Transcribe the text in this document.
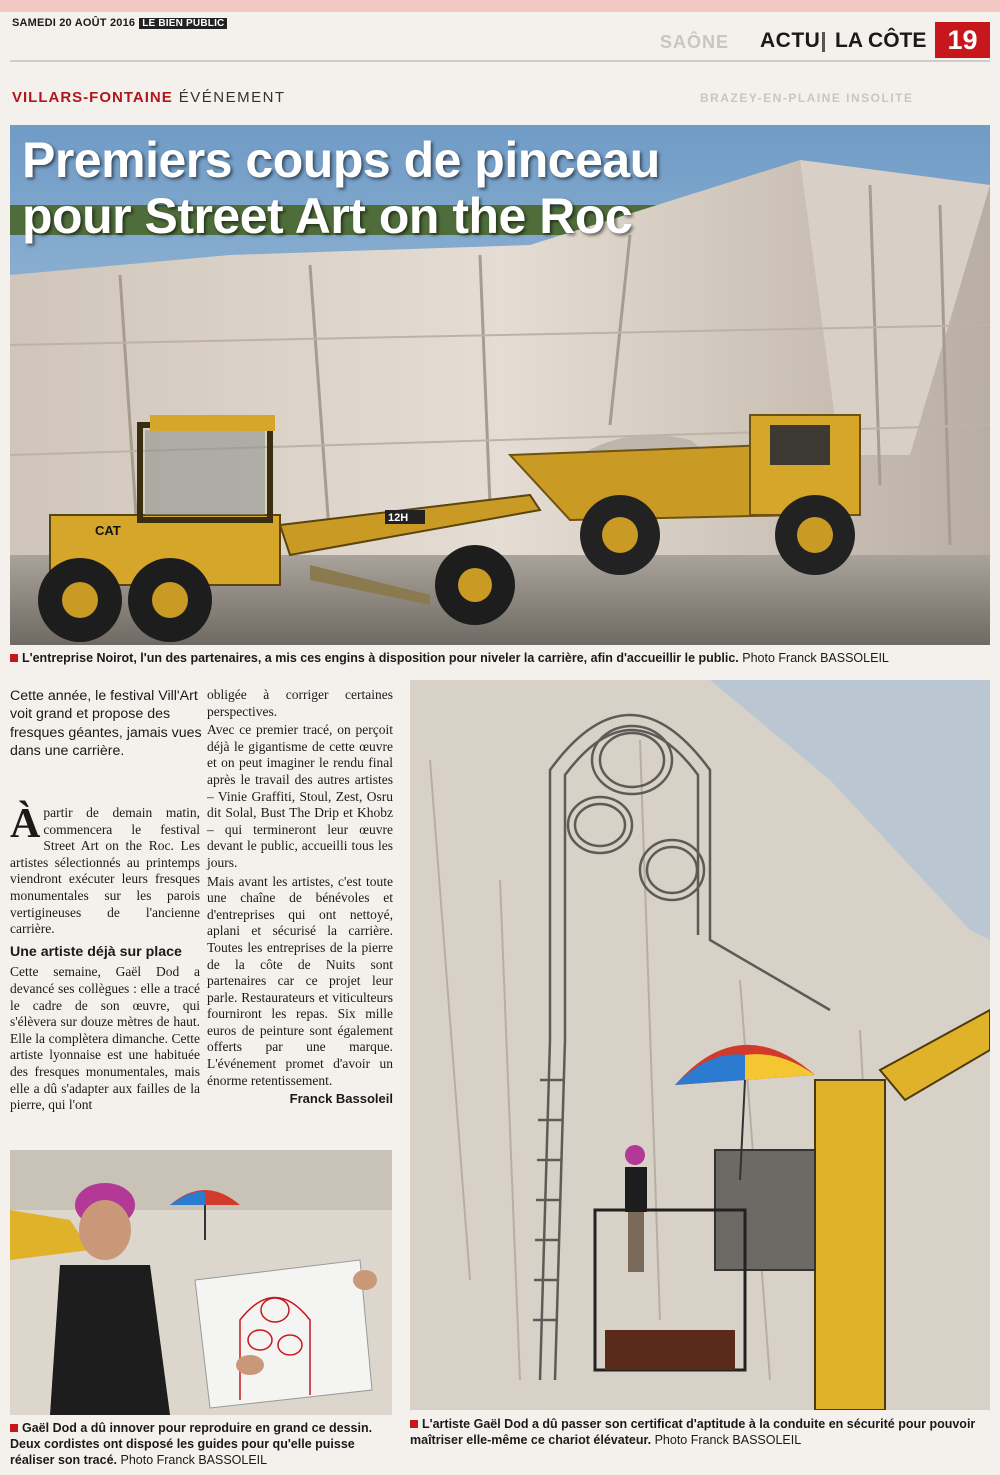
SAMEDI 20 AOÛT 2016 LE BIEN PUBLIC
SAÔNE
BRAZEY-EN-PLAINE INSOLITE
ACTU LA CÔTE 19
VILLARS-FONTAINE ÉVÉNEMENT
12H
CAT
Premiers coups de pinceau
pour Street Art on the Roc
L'entreprise Noirot, l'un des partenaires, a mis ces engins à disposition pour niveler la carrière, afin d'accueillir le public. Photo Franck BASSOLEIL
Cette année, le festival Vill'Art voit grand et propose des fresques géantes, jamais vues dans une carrière.

Àpartir de demain matin, commencera le festival Street Art on the Roc. Les artistes sélectionnés au printemps viendront exécuter leurs fresques monumentales sur les parois vertigineuses de l'ancienne carrière.

Une artiste déjà sur place

Cette semaine, Gaël Dod a devancé ses collègues : elle a tracé le cadre de son œuvre, qui s'élèvera sur douze mètres de haut. Elle la complètera dimanche. Cette artiste lyonnaise est une habituée des fresques monumentales, mais elle a dû s'adapter aux failles de la pierre, qui l'ont

obligée à corriger certaines perspectives.

Avec ce premier tracé, on perçoit déjà le gigantisme de cette œuvre et on peut imaginer le rendu final après le travail des autres artistes – Vinie Graffiti, Stoul, Zest, Osru dit Solal, Bust The Drip et Khobz – qui termineront leur œuvre devant le public, accueilli tous les jours.

Mais avant les artistes, c'est toute une chaîne de bénévoles et d'entreprises qui ont nettoyé, aplani et sécurisé la carrière. Toutes les entreprises de la pierre de la côte de Nuits sont partenaires car ce projet leur parle. Restaurateurs et viticulteurs fourniront les repas. Six mille euros de peinture sont également offerts par une marque. L'événement promet d'avoir un énorme retentissement.

Franck Bassoleil
L'artiste Gaël Dod a dû passer son certificat d'aptitude à la conduite en sécurité pour pouvoir maîtriser elle-même ce chariot élévateur. Photo Franck BASSOLEIL
Gaël Dod a dû innover pour reproduire en grand ce dessin. Deux cordistes ont disposé les guides pour qu'elle puisse réaliser son tracé. Photo Franck BASSOLEIL
